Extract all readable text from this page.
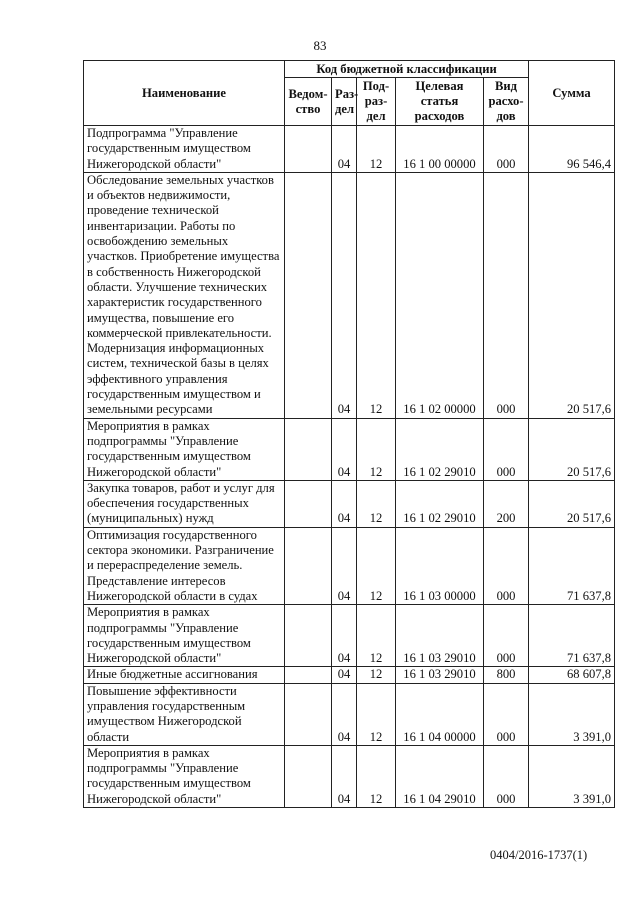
83
Наименование	Код бюджетной классификации					Сумма
	Ведом-ство	Раз-дел	Под-раз-дел	Целевая статья расходов	Вид расхо-дов	
Подпрограмма "Управление государственным имуществом Нижегородской области"		04	12	16 1 00 00000	000	96 546,4
Обследование земельных участков и объектов недвижимости, проведение технической инвентаризации. Работы по освобождению земельных участков. Приобретение имущества в собственность Нижегородской области. Улучшение технических характеристик государственного имущества, повышение его коммерческой привлекательности. Модернизация информационных систем, технической базы в целях эффективного управления государственным имуществом и земельными ресурсами		04	12	16 1 02 00000	000	20 517,6
Мероприятия в рамках подпрограммы "Управление государственным имуществом Нижегородской области"		04	12	16 1 02 29010	000	20 517,6
Закупка товаров, работ и услуг для обеспечения государственных (муниципальных) нужд		04	12	16 1 02 29010	200	20 517,6
Оптимизация государственного сектора экономики. Разграничение и перераспределение земель. Представление интересов Нижегородской области в судах		04	12	16 1 03 00000	000	71 637,8
Мероприятия в рамках подпрограммы "Управление государственным имуществом Нижегородской области"		04	12	16 1 03 29010	000	71 637,8
Иные бюджетные ассигнования		04	12	16 1 03 29010	800	68 607,8
Повышение эффективности управления государственным имуществом Нижегородской области		04	12	16 1 04 00000	000	3 391,0
Мероприятия в рамках подпрограммы "Управление государственным имуществом Нижегородской области"		04	12	16 1 04 29010	000	3 391,0
0404/2016-1737(1)
